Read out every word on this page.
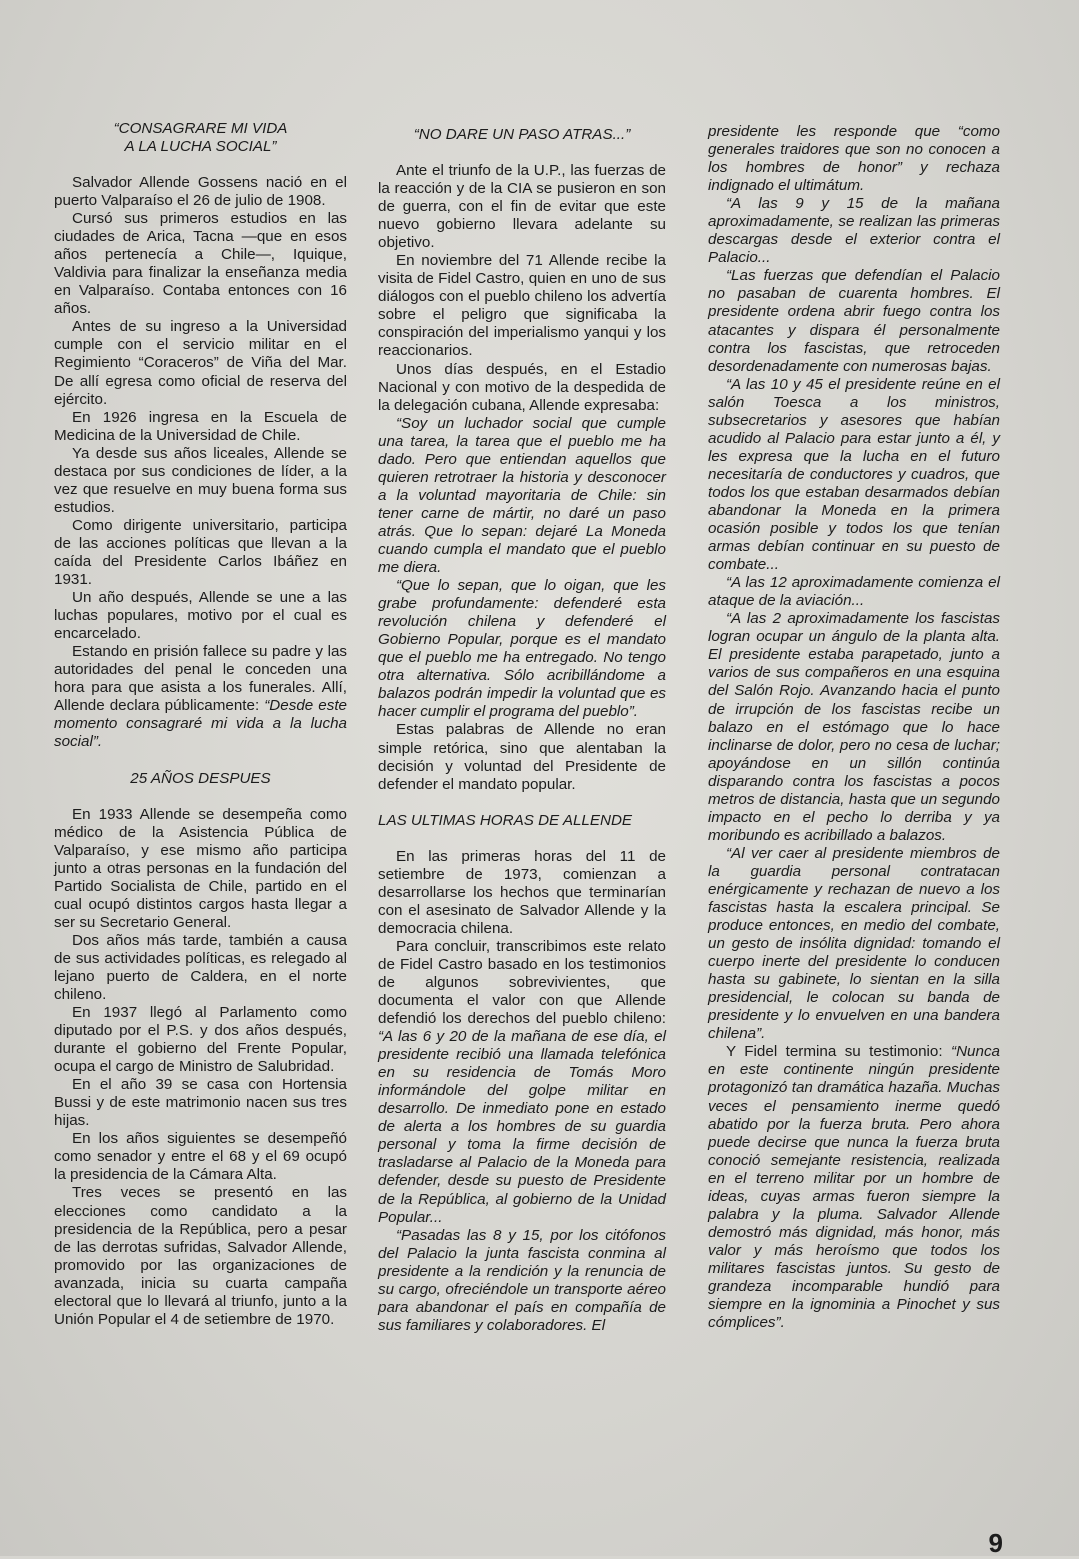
“CONSAGRARE MI VIDA
A LA LUCHA SOCIAL”

Salvador Allende Gossens nació en el puerto Valparaíso el 26 de julio de 1908.

Cursó sus primeros estudios en las ciudades de Arica, Tacna —que en esos años pertenecía a Chile—, Iquique, Valdivia para finalizar la enseñanza media en Valparaíso. Contaba entonces con 16 años.

Antes de su ingreso a la Universidad cumple con el servicio militar en el Regimiento “Coraceros” de Viña del Mar. De allí egresa como oficial de reserva del ejército.

En 1926 ingresa en la Escuela de Medicina de la Universidad de Chile.

Ya desde sus años liceales, Allende se destaca por sus condiciones de líder, a la vez que resuelve en muy buena forma sus estudios.

Como dirigente universitario, participa de las acciones políticas que llevan a la caída del Presidente Carlos Ibáñez en 1931.

Un año después, Allende se une a las luchas populares, motivo por el cual es encarcelado.

Estando en prisión fallece su padre y las autoridades del penal le conceden una hora para que asista a los funerales. Allí, Allende declara públicamente: “Desde este momento consagraré mi vida a la lucha social”.

25 AÑOS DESPUES

En 1933 Allende se desempeña como médico de la Asistencia Pública de Valparaíso, y ese mismo año participa junto a otras personas en la fundación del Partido Socialista de Chile, partido en el cual ocupó distintos cargos hasta llegar a ser su Secretario General.

Dos años más tarde, también a causa de sus actividades políticas, es relegado al lejano puerto de Caldera, en el norte chileno.

En 1937 llegó al Parlamento como diputado por el P.S. y dos años después, durante el gobierno del Frente Popular, ocupa el cargo de Ministro de Salubridad.

En el año 39 se casa con Hortensia Bussi y de este matrimonio nacen sus tres hijas.

En los años siguientes se desempeñó como senador y entre el 68 y el 69 ocupó la presidencia de la Cámara Alta.

Tres veces se presentó en las elecciones como candidato a la presidencia de la República, pero a pesar de las derrotas sufridas, Salvador Allende, promovido por las organizaciones de avanzada, inicia su cuarta campaña electoral que lo llevará al triunfo, junto a la Unión Popular el 4 de setiembre de 1970.

“NO DARE UN PASO ATRAS...”

Ante el triunfo de la U.P., las fuerzas de la reacción y de la CIA se pusieron en son de guerra, con el fin de evitar que este nuevo gobierno llevara adelante su objetivo.

En noviembre del 71 Allende recibe la visita de Fidel Castro, quien en uno de sus diálogos con el pueblo chileno los advertía sobre el peligro que significaba la conspiración del imperialismo yanqui y los reaccionarios.

Unos días después, en el Estadio Nacional y con motivo de la despedida de la delegación cubana, Allende expresaba:

“Soy un luchador social que cumple una tarea, la tarea que el pueblo me ha dado. Pero que entiendan aquellos que quieren retrotraer la historia y desconocer a la voluntad mayoritaria de Chile: sin tener carne de mártir, no daré un paso atrás. Que lo sepan: dejaré La Moneda cuando cumpla el mandato que el pueblo me diera.

“Que lo sepan, que lo oigan, que les grabe profundamente: defenderé esta revolución chilena y defenderé el Gobierno Popular, porque es el mandato que el pueblo me ha entregado. No tengo otra alternativa. Sólo acribillándome a balazos podrán impedir la voluntad que es hacer cumplir el programa del pueblo”.

Estas palabras de Allende no eran simple retórica, sino que alentaban la decisión y voluntad del Presidente de defender el mandato popular.

LAS ULTIMAS HORAS DE ALLENDE

En las primeras horas del 11 de setiembre de 1973, comienzan a desarrollarse los hechos que terminarían con el asesinato de Salvador Allende y la democracia chilena.

Para concluir, transcribimos este relato de Fidel Castro basado en los testimonios de algunos sobrevivientes, que documenta el valor con que Allende defendió los derechos del pueblo chileno: “A las 6 y 20 de la mañana de ese día, el presidente recibió una llamada telefónica en su residencia de Tomás Moro informándole del golpe militar en desarrollo. De inmediato pone en estado de alerta a los hombres de su guardia personal y toma la firme decisión de trasladarse al Palacio de la Moneda para defender, desde su puesto de Presidente de la República, al gobierno de la Unidad Popular...

“Pasadas las 8 y 15, por los citófonos del Palacio la junta fascista conmina al presidente a la rendición y la renuncia de su cargo, ofreciéndole un transporte aéreo para abandonar el país en compañía de sus familiares y colaboradores. El

presidente les responde que “como generales traidores que son no conocen a los hombres de honor” y rechaza indignado el ultimátum.

“A las 9 y 15 de la mañana aproximadamente, se realizan las primeras descargas desde el exterior contra el Palacio...

“Las fuerzas que defendían el Palacio no pasaban de cuarenta hombres. El presidente ordena abrir fuego contra los atacantes y dispara él personalmente contra los fascistas, que retroceden desordenadamente con numerosas bajas.

“A las 10 y 45 el presidente reúne en el salón Toesca a los ministros, subsecretarios y asesores que habían acudido al Palacio para estar junto a él, y les expresa que la lucha en el futuro necesitaría de conductores y cuadros, que todos los que estaban desarmados debían abandonar la Moneda en la primera ocasión posible y todos los que tenían armas debían continuar en su puesto de combate...

“A las 12 aproximadamente comienza el ataque de la aviación...

“A las 2 aproximadamente los fascistas logran ocupar un ángulo de la planta alta. El presidente estaba parapetado, junto a varios de sus compañeros en una esquina del Salón Rojo. Avanzando hacia el punto de irrupción de los fascistas recibe un balazo en el estómago que lo hace inclinarse de dolor, pero no cesa de luchar; apoyándose en un sillón continúa disparando contra los fascistas a pocos metros de distancia, hasta que un segundo impacto en el pecho lo derriba y ya moribundo es acribillado a balazos.

“Al ver caer al presidente miembros de la guardia personal contratacan enérgicamente y rechazan de nuevo a los fascistas hasta la escalera principal. Se produce entonces, en medio del combate, un gesto de insólita dignidad: tomando el cuerpo inerte del presidente lo conducen hasta su gabinete, lo sientan en la silla presidencial, le colocan su banda de presidente y lo envuelven en una bandera chilena”.

Y Fidel termina su testimonio: “Nunca en este continente ningún presidente protagonizó tan dramática hazaña. Muchas veces el pensamiento inerme quedó abatido por la fuerza bruta. Pero ahora puede decirse que nunca la fuerza bruta conoció semejante resistencia, realizada en el terreno militar por un hombre de ideas, cuyas armas fueron siempre la palabra y la pluma. Salvador Allende demostró más dignidad, más honor, más valor y más heroísmo que todos los militares fascistas juntos. Su gesto de grandeza incomparable hundió para siempre en la ignominia a Pinochet y sus cómplices”.

9
